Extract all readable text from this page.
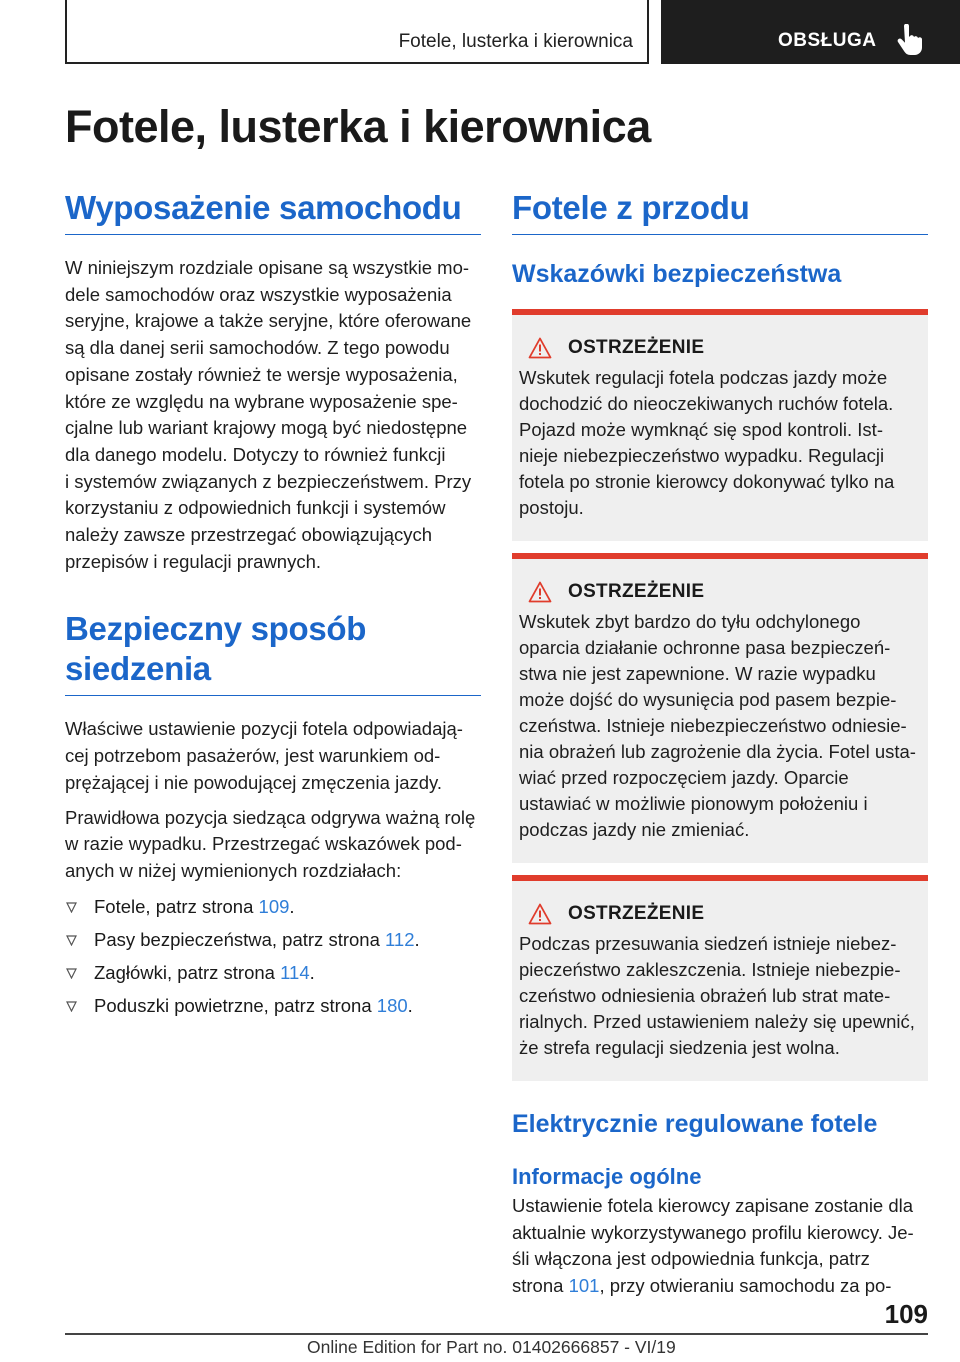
Fotele, lusterka i kierownica	OBSŁUGA
Fotele, lusterka i kierownica
Wyposażenie samochodu

W niniejszym rozdziale opisane są wszystkie mo‐
dele samochodów oraz wszystkie wyposażenia
seryjne, krajowe a także seryjne, które oferowane
są dla danej serii samochodów. Z tego powodu
opisane zostały również te wersje wyposażenia,
które ze względu na wybrane wyposażenie spe‐
cjalne lub wariant krajowy mogą być niedostępne
dla danego modelu. Dotyczy to również funkcji
i systemów związanych z bezpieczeństwem. Przy
korzystaniu z odpowiednich funkcji i systemów
należy zawsze przestrzegać obowiązujących
przepisów i regulacji prawnych.

Bezpieczny sposób
siedzenia

Właściwe ustawienie pozycji fotela odpowiadają‐
cej potrzebom pasażerów, jest warunkiem od‐
prężającej i nie powodującej zmęczenia jazdy.

Prawidłowa pozycja siedząca odgrywa ważną rolę
w razie wypadku. Przestrzegać wskazówek pod‐
anych w niżej wymienionych rozdziałach:

Fotele, patrz strona 109.
Pasy bezpieczeństwa, patrz strona 112.
Zagłówki, patrz strona 114.
Poduszki powietrzne, patrz strona 180.
Fotele z przodu
Wskazówki bezpieczeństwa
OSTRZEŻENIE

Wskutek regulacji fotela podczas jazdy może
dochodzić do nieoczekiwanych ruchów fotela.
Pojazd może wymknąć się spod kontroli. Ist‐
nieje niebezpieczeństwo wypadku. Regulacji
fotela po stronie kierowcy dokonywać tylko na
postoju.

OSTRZEŻENIE

Wskutek zbyt bardzo do tyłu odchylonego
oparcia działanie ochronne pasa bezpieczeń‐
stwa nie jest zapewnione. W razie wypadku
może dojść do wysunięcia pod pasem bezpie‐
czeństwa. Istnieje niebezpieczeństwo odniesie‐
nia obrażeń lub zagrożenie dla życia. Fotel usta‐
wiać przed rozpoczęciem jazdy. Oparcie
ustawiać w możliwie pionowym położeniu i
podczas jazdy nie zmieniać.

OSTRZEŻENIE

Podczas przesuwania siedzeń istnieje niebez‐
pieczeństwo zakleszczenia. Istnieje niebezpie‐
czeństwo odniesienia obrażeń lub strat mate‐
rialnych. Przed ustawieniem należy się upewnić,
że strefa regulacji siedzenia jest wolna.

Elektrycznie regulowane fotele
Informacje ogólne

Ustawienie fotela kierowcy zapisane zostanie dla
aktualnie wykorzystywanego profilu kierowcy. Je‐
śli włączona jest odpowiednia funkcja, patrz
strona 101, przy otwieraniu samochodu za po‐

109
Online Edition for Part no. 01402666857 - VI/19
